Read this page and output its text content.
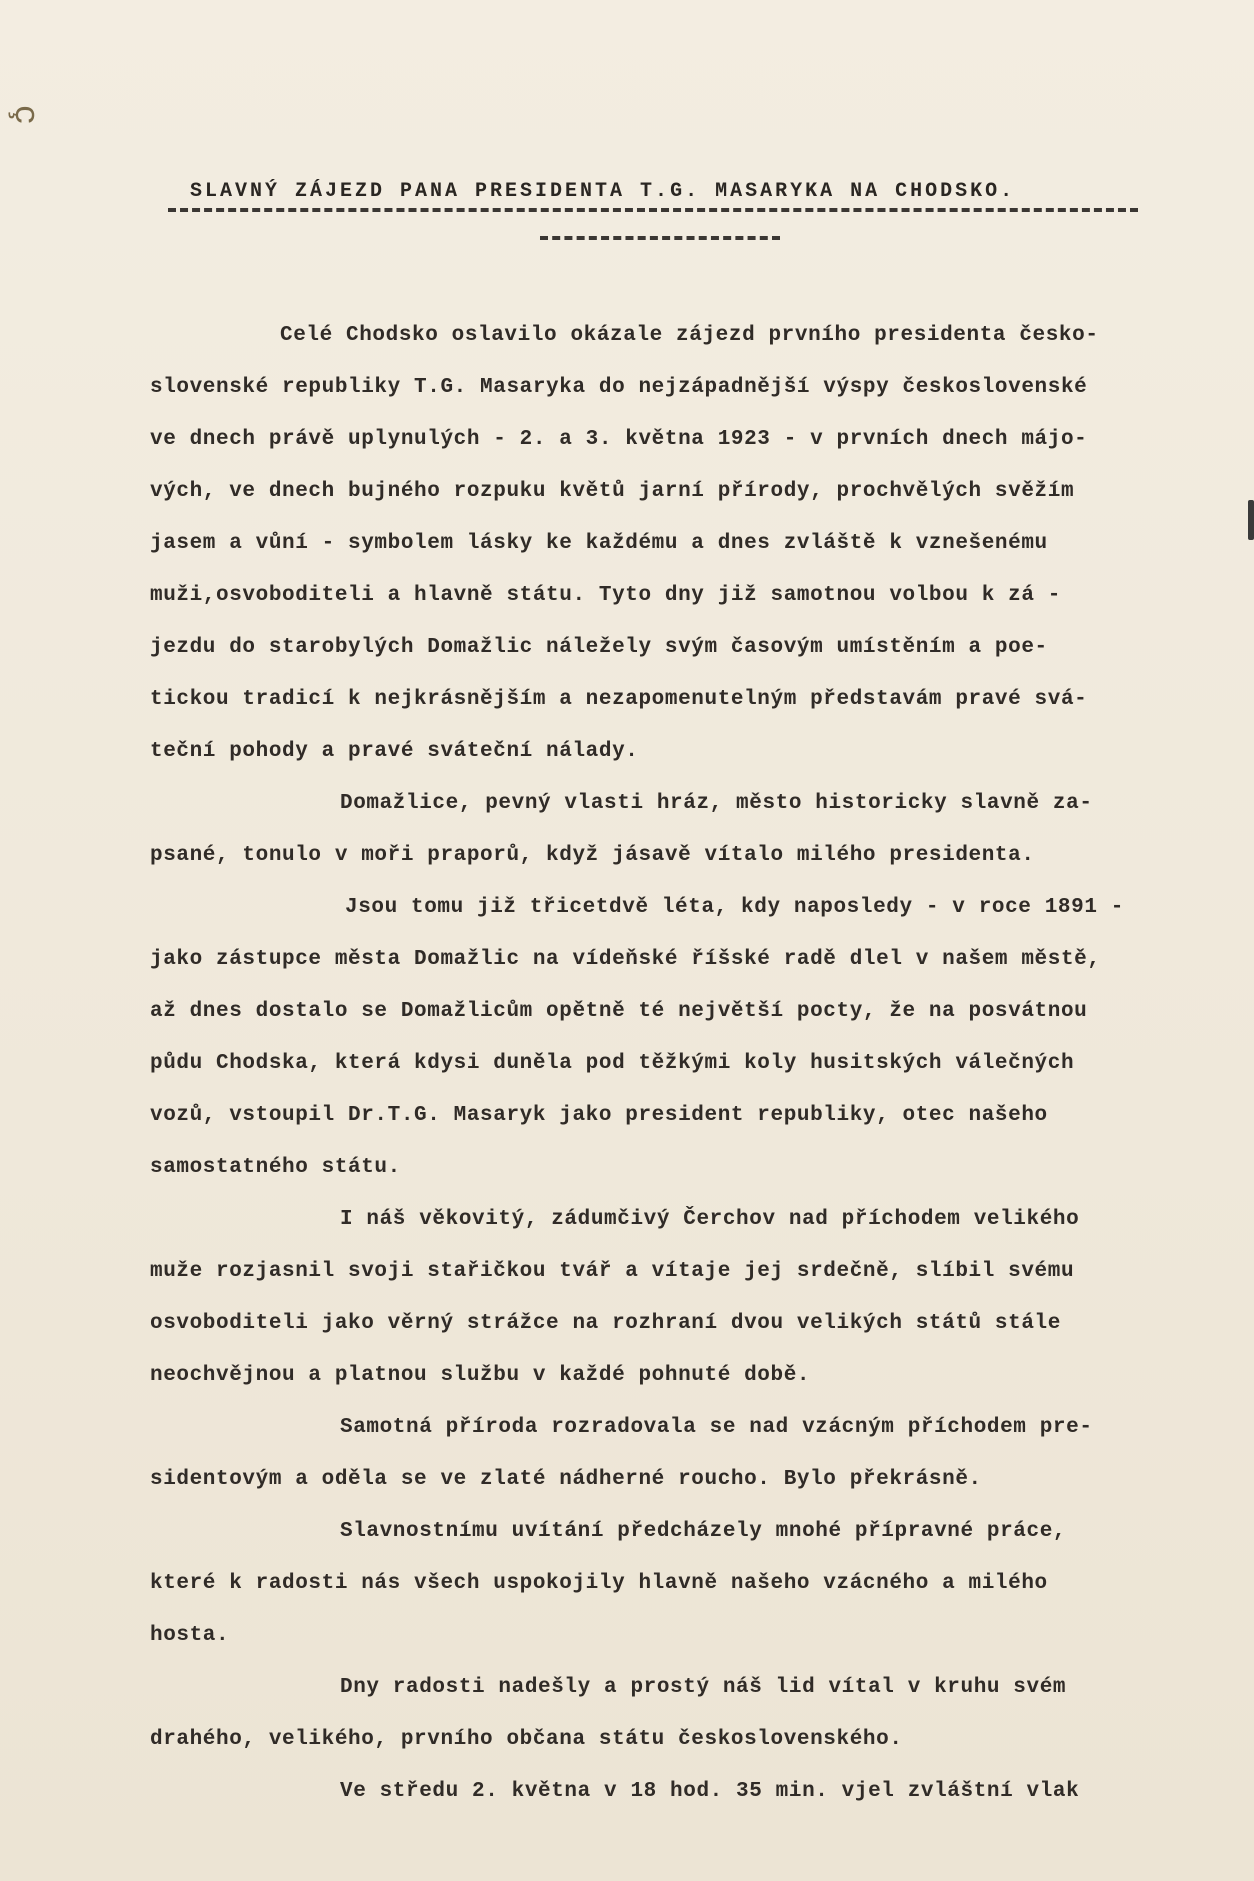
ç
SLAVNÝ ZÁJEZD PANA PRESIDENTA T.G. MASARYKA NA CHODSKO.
Celé Chodsko oslavilo okázale zájezd prvního presidenta česko-
slovenské republiky T.G. Masaryka do nejzápadnější výspy československé
ve dnech právě uplynulých - 2. a 3. května 1923 - v prvních dnech májo-
vých, ve dnech bujného rozpuku květů jarní přírody, prochvělých svěžím
jasem a vůní - symbolem lásky ke každému a dnes zvláště k vznešenému
muži,osvoboditeli a hlavně státu. Tyto dny již samotnou volbou k zá -
jezdu do starobylých Domažlic náležely svým časovým umístěním a poe-
tickou tradicí k nejkrásnějším a nezapomenutelným představám pravé svá-
teční pohody a pravé sváteční nálady.
Domažlice, pevný vlasti hráz, město historicky slavně za-
psané, tonulo v moři praporů, když jásavě vítalo milého presidenta.
Jsou tomu již třicetdvě léta, kdy naposledy - v roce 1891 -
jako zástupce města Domažlic na vídeňské říšské radě dlel v našem městě,
až dnes dostalo se Domažlicům opětně té největší pocty, že na posvátnou
půdu Chodska, která kdysi duněla pod těžkými koly husitských válečných
vozů, vstoupil Dr.T.G. Masaryk jako president republiky, otec našeho
samostatného státu.
I náš věkovitý, zádumčivý Čerchov nad příchodem velikého
muže rozjasnil svoji stařičkou tvář a vítaje jej srdečně, slíbil svému
osvoboditeli jako věrný strážce na rozhraní dvou velikých států stále
neochvějnou a platnou službu v každé pohnuté době.
Samotná příroda rozradovala se nad vzácným příchodem pre-
sidentovým a oděla se ve zlaté nádherné roucho. Bylo překrásně.
Slavnostnímu uvítání předcházely mnohé přípravné práce,
které k radosti nás všech uspokojily hlavně našeho vzácného a milého
hosta.
Dny radosti nadešly a prostý náš lid vítal v kruhu svém
drahého, velikého, prvního občana státu československého.
Ve středu 2. května v 18 hod. 35 min. vjel zvláštní vlak
